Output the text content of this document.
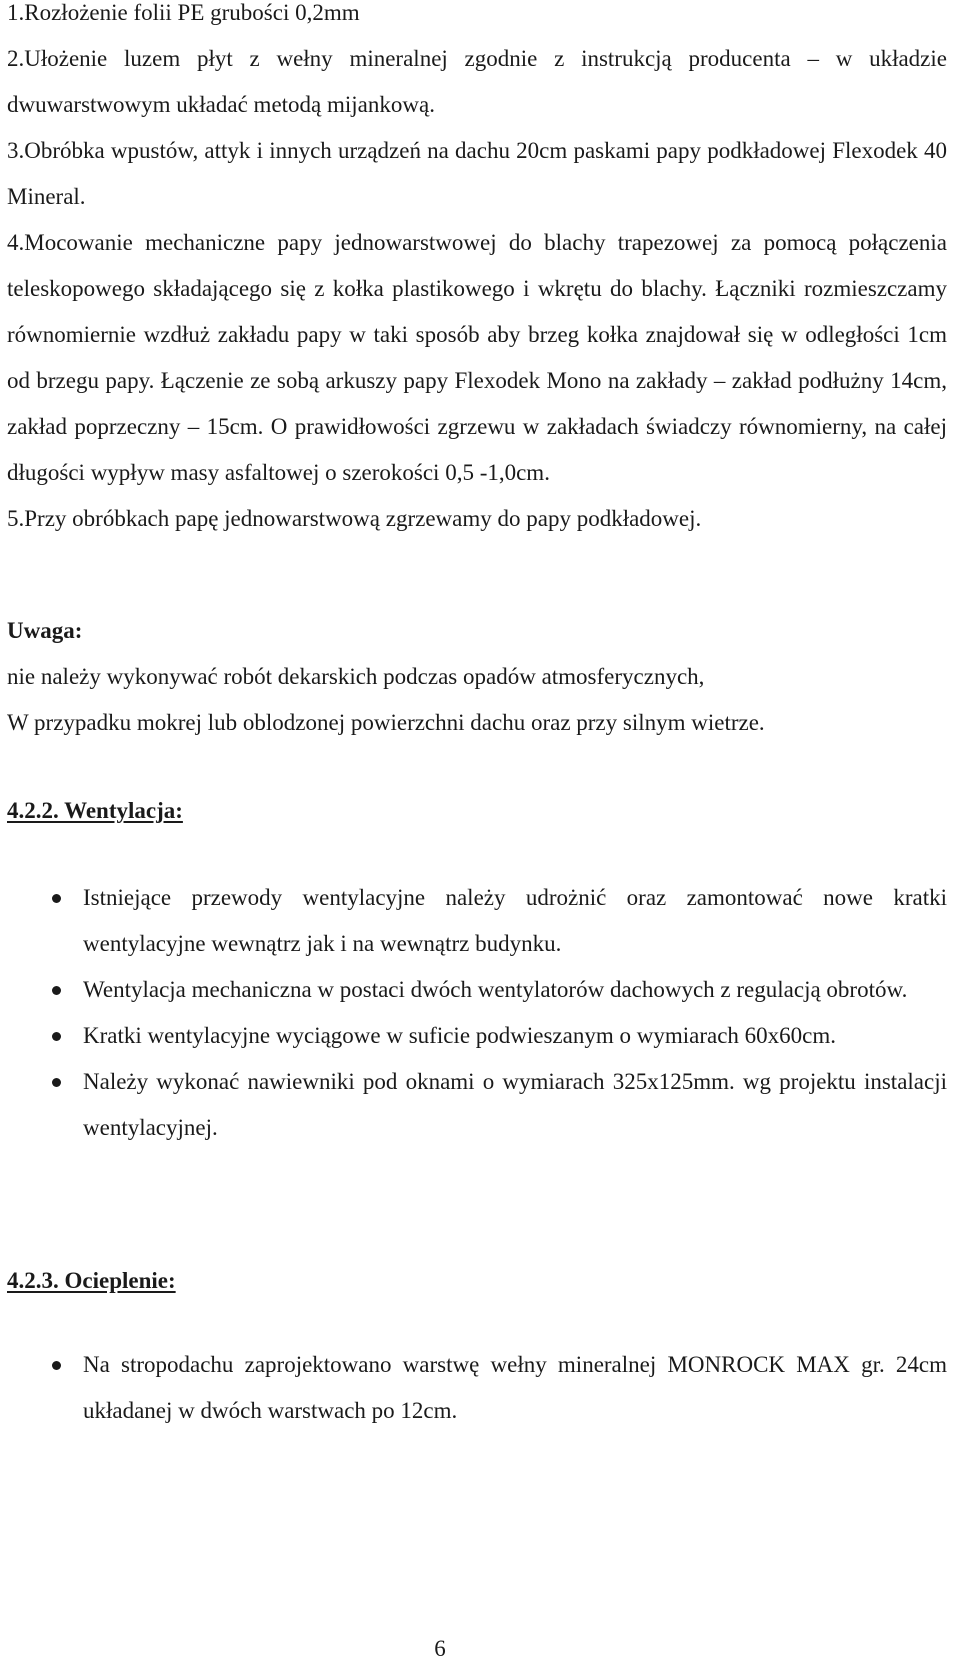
1.Rozłożenie folii PE grubości 0,2mm

2.Ułożenie luzem płyt z wełny mineralnej zgodnie z instrukcją producenta – w układzie dwuwarstwowym układać metodą mijankową.

3.Obróbka wpustów, attyk i innych urządzeń na dachu 20cm paskami papy podkładowej Flexodek 40 Mineral.

4.Mocowanie mechaniczne papy jednowarstwowej do blachy trapezowej za pomocą połączenia teleskopowego składającego się z kołka plastikowego i wkrętu do blachy. Łączniki rozmieszczamy równomiernie wzdłuż zakładu papy w taki sposób aby brzeg kołka znajdował się w odległości 1cm od brzegu papy. Łączenie ze sobą arkuszy papy Flexodek Mono na zakłady – zakład podłużny 14cm, zakład poprzeczny – 15cm. O prawidłowości zgrzewu w zakładach świadczy równomierny, na całej długości wypływ masy asfaltowej o szerokości 0,5 -1,0cm.

5.Przy obróbkach papę jednowarstwową zgrzewamy do papy podkładowej.

Uwaga:

nie należy wykonywać robót dekarskich podczas opadów atmosferycznych,

W przypadku mokrej lub oblodzonej powierzchni dachu oraz przy silnym wietrze.

4.2.2. Wentylacja:

Istniejące przewody wentylacyjne należy udrożnić oraz zamontować nowe kratki wentylacyjne wewnątrz jak i na wewnątrz budynku.
Wentylacja mechaniczna w postaci dwóch wentylatorów dachowych z regulacją obrotów.
Kratki wentylacyjne wyciągowe w suficie podwieszanym o wymiarach 60x60cm.
Należy wykonać nawiewniki pod oknami o wymiarach 325x125mm. wg projektu instalacji wentylacyjnej.

4.2.3. Ocieplenie:

Na stropodachu zaprojektowano warstwę wełny mineralnej MONROCK MAX gr. 24cm układanej w dwóch warstwach po 12cm.
6
